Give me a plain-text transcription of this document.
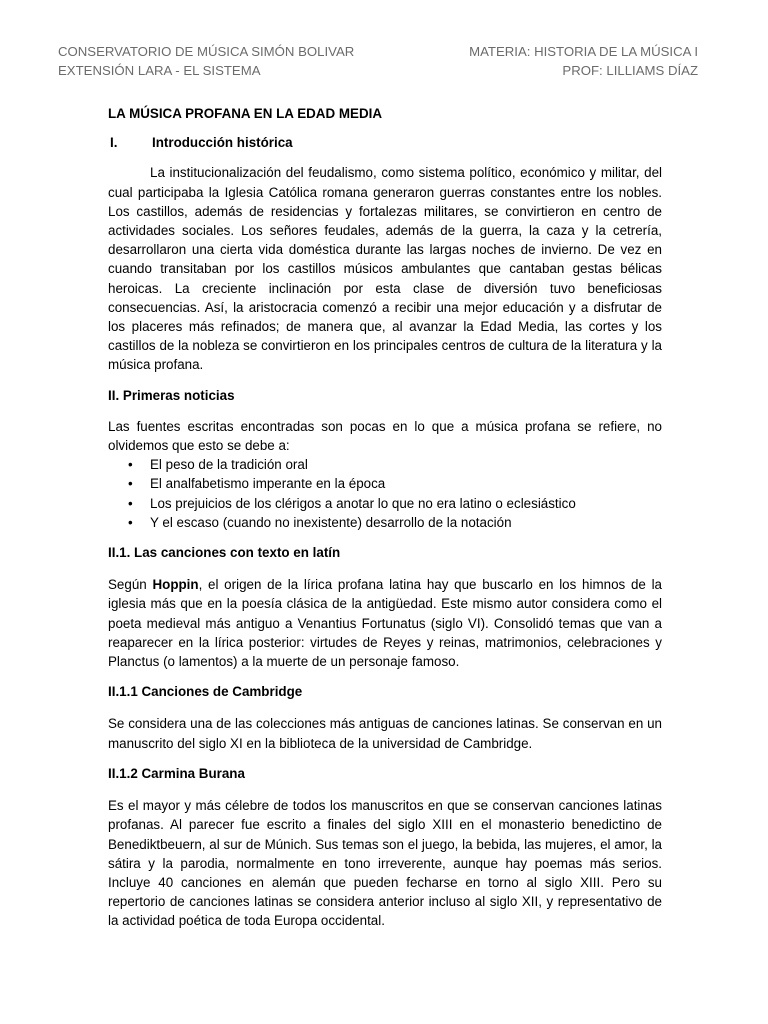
CONSERVATORIO DE MÚSICA SIMÓN BOLIVAR
EXTENSIÓN LARA - EL SISTEMA
MATERIA: HISTORIA DE LA MÚSICA I
PROF: LILLIAMS DÍAZ
LA MÚSICA PROFANA EN LA EDAD MEDIA
I.	Introducción histórica

La institucionalización del feudalismo, como sistema político, económico y militar, del cual participaba la Iglesia Católica romana generaron guerras constantes entre los nobles. Los castillos, además de residencias y fortalezas militares, se convirtieron en centro de actividades sociales. Los señores feudales, además de la guerra, la caza y la cetrería, desarrollaron una cierta vida doméstica durante las largas noches de invierno. De vez en cuando transitaban por los castillos músicos ambulantes que cantaban gestas bélicas heroicas. La creciente inclinación por esta clase de diversión tuvo beneficiosas consecuencias. Así, la aristocracia comenzó a recibir una mejor educación y a disfrutar de los placeres más refinados; de manera que, al avanzar la Edad Media, las cortes y los castillos de la nobleza se convirtieron en los principales centros de cultura de la literatura y la música profana.

II. Primeras noticias

Las fuentes escritas encontradas son pocas en lo que a música profana se refiere, no olvidemos que esto se debe a:

• El peso de la tradición oral
• El analfabetismo imperante en la época
• Los prejuicios de los clérigos a anotar lo que no era latino o eclesiástico
• Y el escaso (cuando no inexistente) desarrollo de la notación
II.1. Las canciones con texto en latín

Según Hoppin, el origen de la lírica profana latina hay que buscarlo en los himnos de la iglesia más que en la poesía clásica de la antigüedad. Este mismo autor considera como el poeta medieval más antiguo a Venantius Fortunatus (siglo VI). Consolidó temas que van a reaparecer en la lírica posterior: virtudes de Reyes y reinas, matrimonios, celebraciones y Planctus (o lamentos) a la muerte de un personaje famoso.

II.1.1 Canciones de Cambridge

Se considera una de las colecciones más antiguas de canciones latinas. Se conservan en un manuscrito del siglo XI en la biblioteca de la universidad de Cambridge.

II.1.2 Carmina Burana

Es el mayor y más célebre de todos los manuscritos en que se conservan canciones latinas profanas. Al parecer fue escrito a finales del siglo XIII en el monasterio benedictino de Benediktbeuern, al sur de Múnich. Sus temas son el juego, la bebida, las mujeres, el amor, la sátira y la parodia, normalmente en tono irreverente, aunque hay poemas más serios. Incluye 40 canciones en alemán que pueden fecharse en torno al siglo XIII. Pero su repertorio de canciones latinas se considera anterior incluso al siglo XII, y representativo de la actividad poética de toda Europa occidental.
